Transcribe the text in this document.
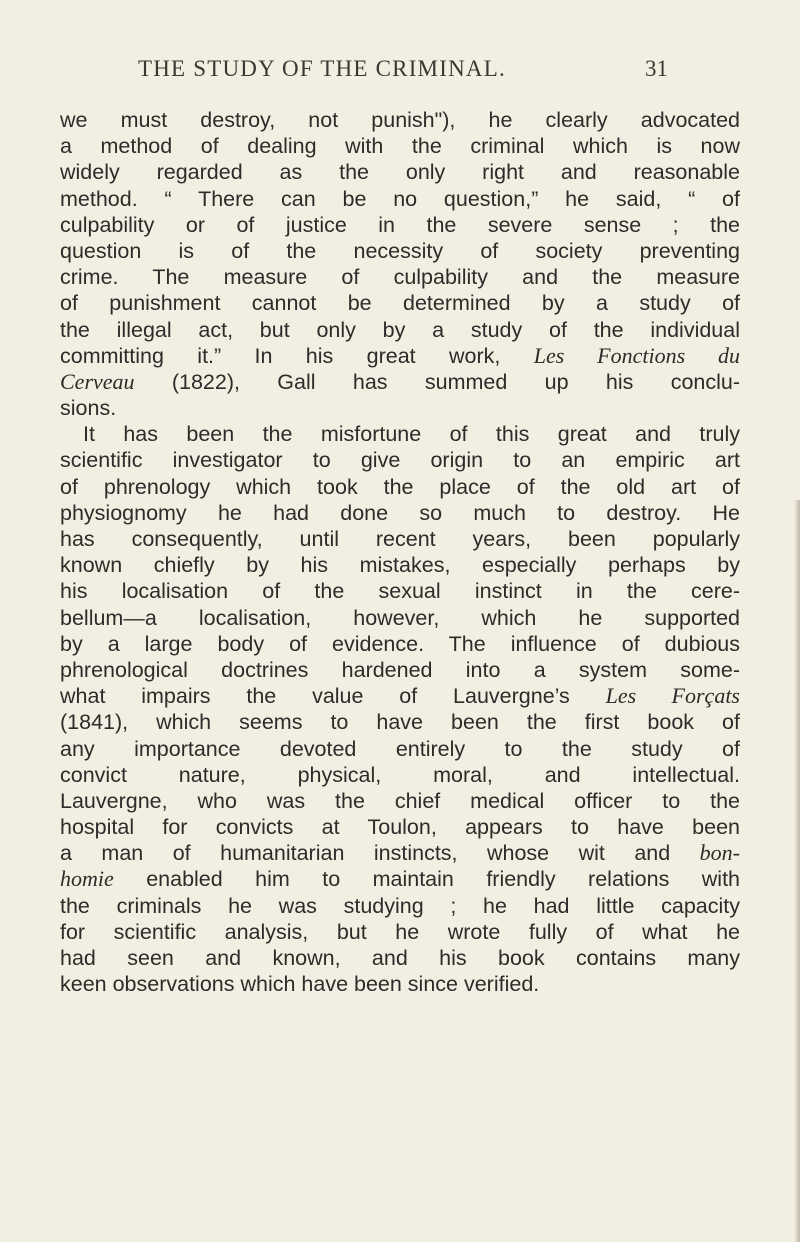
THE STUDY OF THE CRIMINAL.	31
we must destroy, not punish"), he clearly advocated
a method of dealing with the criminal which is now
widely regarded as the only right and reasonable
method. “ There can be no question,” he said, “ of
culpability or of justice in the severe sense ; the
question is of the necessity of society preventing
crime. The measure of culpability and the measure
of punishment cannot be determined by a study of
the illegal act, but only by a study of the individual
committing it.” In his great work, Les Fonctions du
Cerveau (1822), Gall has summed up his conclu-
sions.
It has been the misfortune of this great and truly
scientific investigator to give origin to an empiric art
of phrenology which took the place of the old art of
physiognomy he had done so much to destroy. He
has consequently, until recent years, been popularly
known chiefly by his mistakes, especially perhaps by
his localisation of the sexual instinct in the cere-
bellum—a localisation, however, which he supported
by a large body of evidence. The influence of dubious
phrenological doctrines hardened into a system some-
what impairs the value of Lauvergne’s Les Forçats
(1841), which seems to have been the first book of
any importance devoted entirely to the study of
convict nature, physical, moral, and intellectual.
Lauvergne, who was the chief medical officer to the
hospital for convicts at Toulon, appears to have been
a man of humanitarian instincts, whose wit and bon-
homie enabled him to maintain friendly relations with
the criminals he was studying ; he had little capacity
for scientific analysis, but he wrote fully of what he
had seen and known, and his book contains many
keen observations which have been since verified.
